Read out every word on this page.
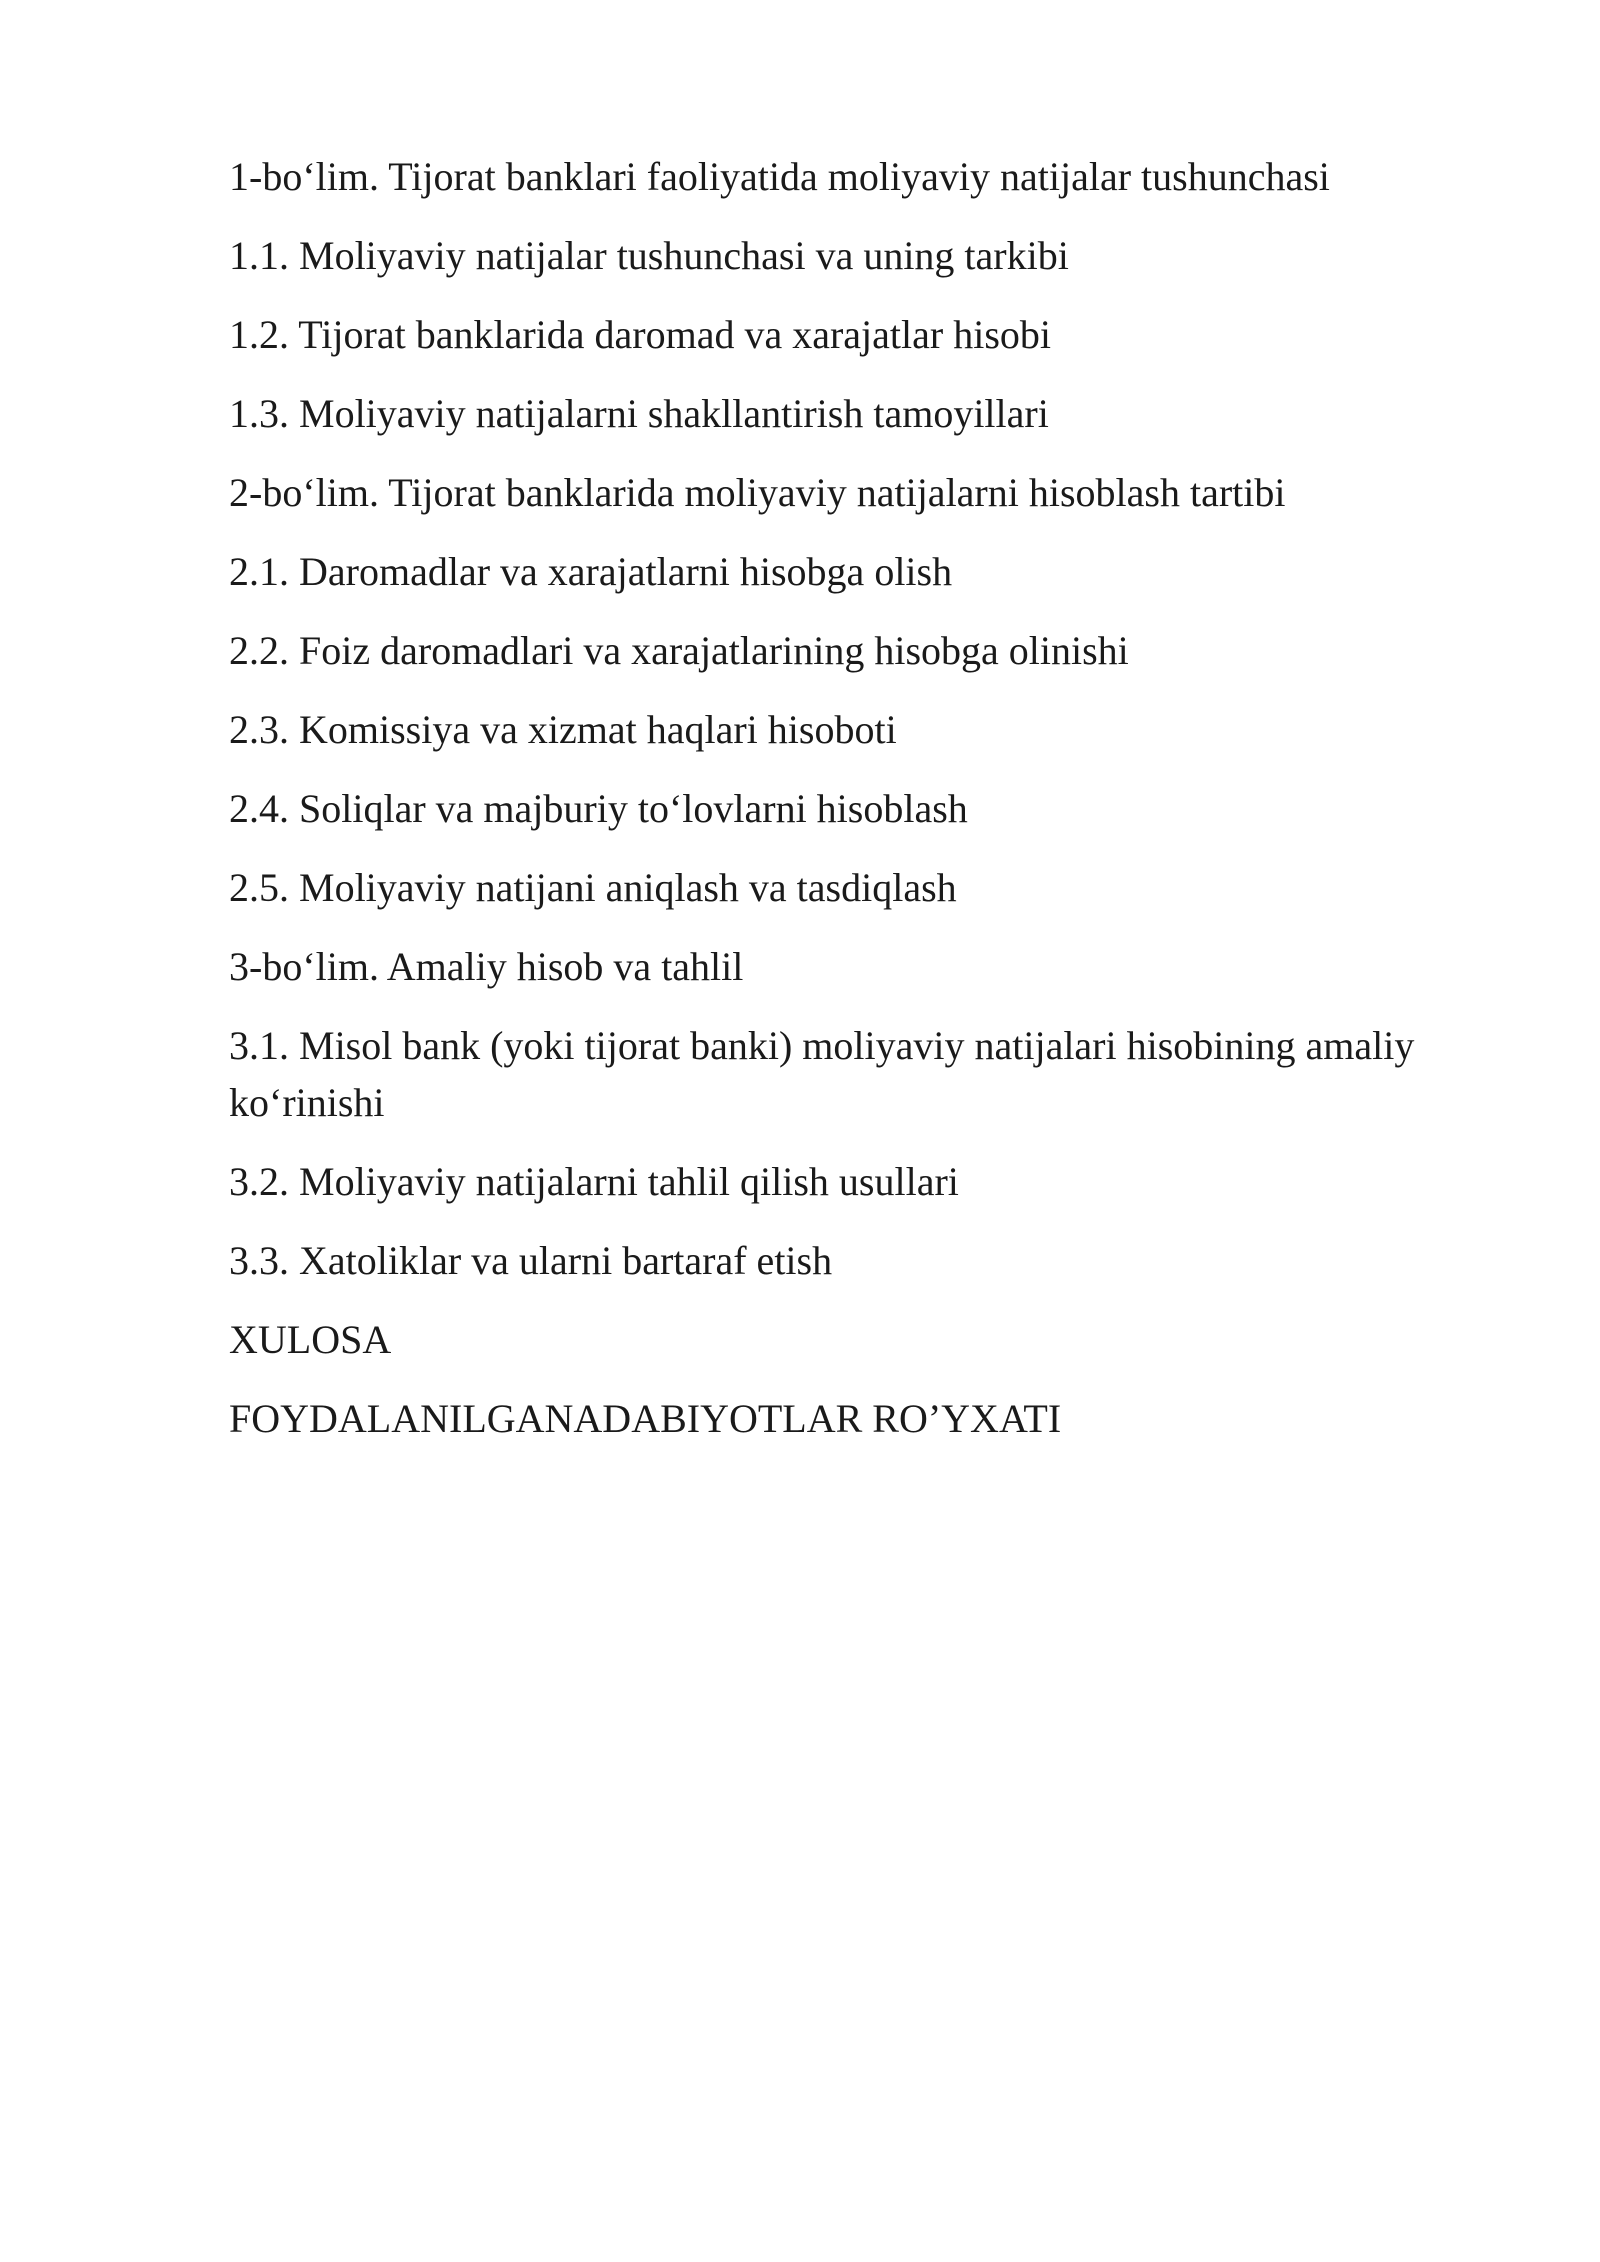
1-bo‘lim. Tijorat banklari faoliyatida moliyaviy natijalar tushunchasi
1.1. Moliyaviy natijalar tushunchasi va uning tarkibi
1.2. Tijorat banklarida daromad va xarajatlar hisobi
1.3. Moliyaviy natijalarni shakllantirish tamoyillari
2-bo‘lim. Tijorat banklarida moliyaviy natijalarni hisoblash tartibi
2.1. Daromadlar va xarajatlarni hisobga olish
2.2. Foiz daromadlari va xarajatlarining hisobga olinishi
2.3. Komissiya va xizmat haqlari hisoboti
2.4. Soliqlar va majburiy to‘lovlarni hisoblash
2.5. Moliyaviy natijani aniqlash va tasdiqlash
3-bo‘lim. Amaliy hisob va tahlil
3.1. Misol bank (yoki tijorat banki) moliyaviy natijalari hisobining amaliy ko‘rinishi
3.2. Moliyaviy natijalarni tahlil qilish usullari
3.3. Xatoliklar va ularni bartaraf etish
XULOSA
FOYDALANILGANADABIYOTLAR RO’YXATI
